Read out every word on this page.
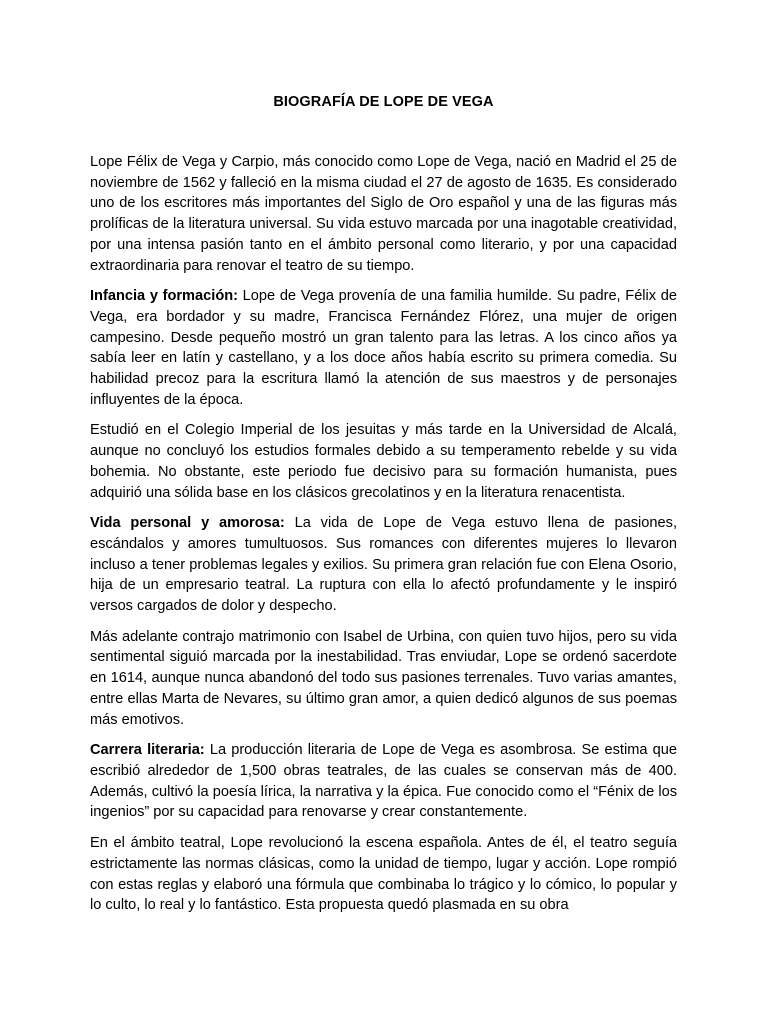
BIOGRAFÍA DE LOPE DE VEGA

Lope Félix de Vega y Carpio, más conocido como Lope de Vega, nació en Madrid el 25 de noviembre de 1562 y falleció en la misma ciudad el 27 de agosto de 1635. Es considerado uno de los escritores más importantes del Siglo de Oro español y una de las figuras más prolíficas de la literatura universal. Su vida estuvo marcada por una inagotable creatividad, por una intensa pasión tanto en el ámbito personal como literario, y por una capacidad extraordinaria para renovar el teatro de su tiempo.

Infancia y formación: Lope de Vega provenía de una familia humilde. Su padre, Félix de Vega, era bordador y su madre, Francisca Fernández Flórez, una mujer de origen campesino. Desde pequeño mostró un gran talento para las letras. A los cinco años ya sabía leer en latín y castellano, y a los doce años había escrito su primera comedia. Su habilidad precoz para la escritura llamó la atención de sus maestros y de personajes influyentes de la época.

Estudió en el Colegio Imperial de los jesuitas y más tarde en la Universidad de Alcalá, aunque no concluyó los estudios formales debido a su temperamento rebelde y su vida bohemia. No obstante, este periodo fue decisivo para su formación humanista, pues adquirió una sólida base en los clásicos grecolatinos y en la literatura renacentista.

Vida personal y amorosa: La vida de Lope de Vega estuvo llena de pasiones, escándalos y amores tumultuosos. Sus romances con diferentes mujeres lo llevaron incluso a tener problemas legales y exilios. Su primera gran relación fue con Elena Osorio, hija de un empresario teatral. La ruptura con ella lo afectó profundamente y le inspiró versos cargados de dolor y despecho.

Más adelante contrajo matrimonio con Isabel de Urbina, con quien tuvo hijos, pero su vida sentimental siguió marcada por la inestabilidad. Tras enviudar, Lope se ordenó sacerdote en 1614, aunque nunca abandonó del todo sus pasiones terrenales. Tuvo varias amantes, entre ellas Marta de Nevares, su último gran amor, a quien dedicó algunos de sus poemas más emotivos.

Carrera literaria: La producción literaria de Lope de Vega es asombrosa. Se estima que escribió alrededor de 1,500 obras teatrales, de las cuales se conservan más de 400. Además, cultivó la poesía lírica, la narrativa y la épica. Fue conocido como el “Fénix de los ingenios” por su capacidad para renovarse y crear constantemente.

En el ámbito teatral, Lope revolucionó la escena española. Antes de él, el teatro seguía estrictamente las normas clásicas, como la unidad de tiempo, lugar y acción. Lope rompió con estas reglas y elaboró una fórmula que combinaba lo trágico y lo cómico, lo popular y lo culto, lo real y lo fantástico. Esta propuesta quedó plasmada en su obra
